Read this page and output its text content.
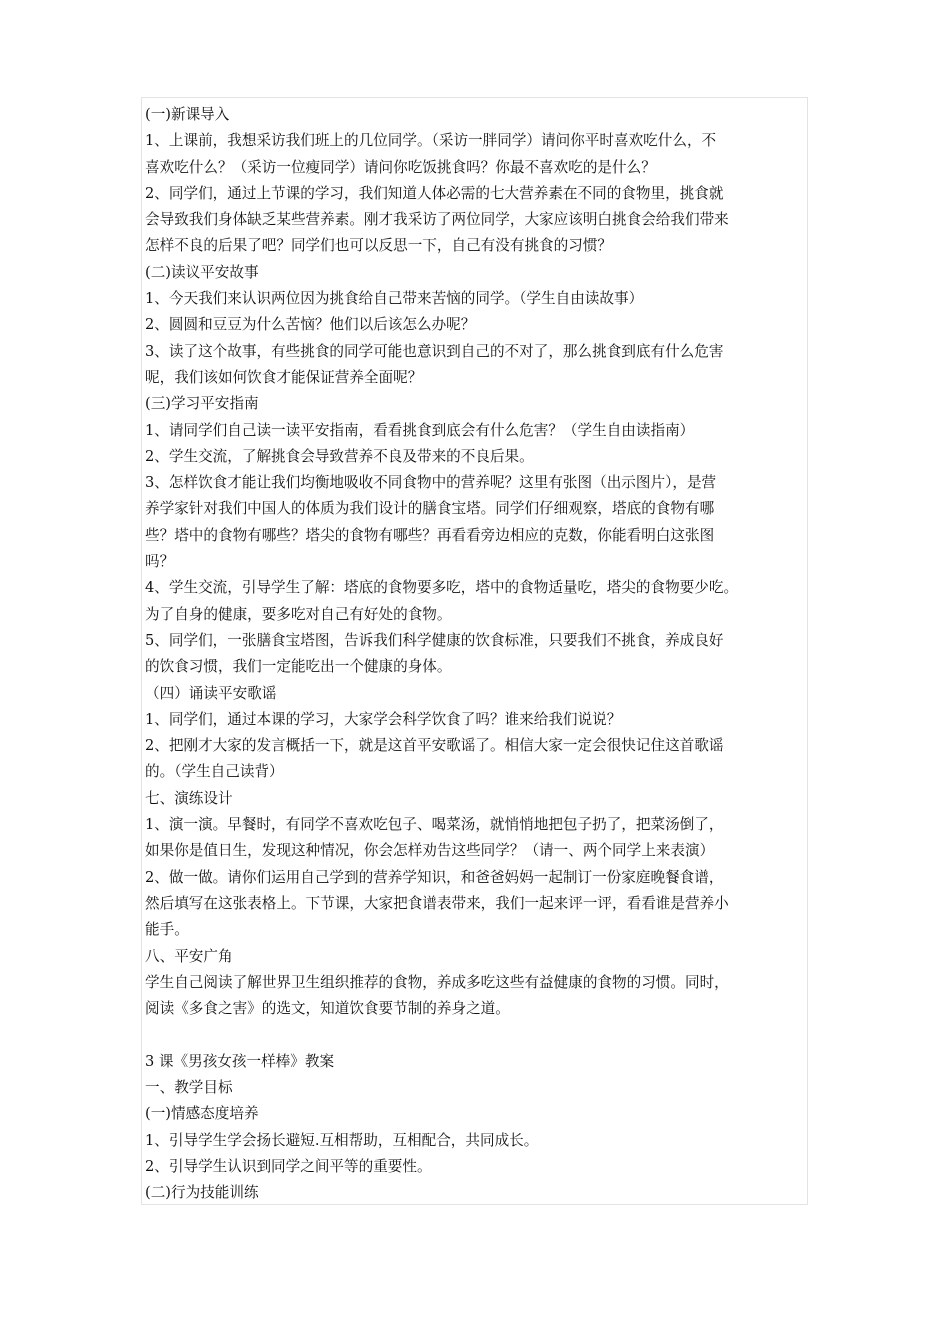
(一)新课导入
1、上课前，我想采访我们班上的几位同学。（采访一胖同学）请问你平时喜欢吃什么，不
喜欢吃什么？（采访一位瘦同学）请问你吃饭挑食吗？你最不喜欢吃的是什么？
2、同学们，通过上节课的学习，我们知道人体必需的七大营养素在不同的食物里，挑食就
会导致我们身体缺乏某些营养素。刚才我采访了两位同学，大家应该明白挑食会给我们带来
怎样不良的后果了吧？同学们也可以反思一下，自己有没有挑食的习惯？
(二)读议平安故事
1、今天我们来认识两位因为挑食给自己带来苦恼的同学。（学生自由读故事）
2、圆圆和豆豆为什么苦恼？他们以后该怎么办呢？
3、读了这个故事，有些挑食的同学可能也意识到自己的不对了，那么挑食到底有什么危害
呢，我们该如何饮食才能保证营养全面呢？
(三)学习平安指南
1、请同学们自己读一读平安指南，看看挑食到底会有什么危害？（学生自由读指南）
2、学生交流，了解挑食会导致营养不良及带来的不良后果。
3、怎样饮食才能让我们均衡地吸收不同食物中的营养呢？这里有张图（出示图片），是营
养学家针对我们中国人的体质为我们设计的膳食宝塔。同学们仔细观察，塔底的食物有哪
些？塔中的食物有哪些？塔尖的食物有哪些？再看看旁边相应的克数，你能看明白这张图
吗？
4、学生交流，引导学生了解：塔底的食物要多吃，塔中的食物适量吃，塔尖的食物要少吃。
为了自身的健康，要多吃对自己有好处的食物。
5、同学们，一张膳食宝塔图，告诉我们科学健康的饮食标准，只要我们不挑食，养成良好
的饮食习惯，我们一定能吃出一个健康的身体。
（四）诵读平安歌谣
1、同学们，通过本课的学习，大家学会科学饮食了吗？谁来给我们说说？
2、把刚才大家的发言概括一下，就是这首平安歌谣了。相信大家一定会很快记住这首歌谣
的。（学生自己读背）
七、演练设计
1、演一演。早餐时，有同学不喜欢吃包子、喝菜汤，就悄悄地把包子扔了，把菜汤倒了，
如果你是值日生，发现这种情况，你会怎样劝告这些同学？（请一、两个同学上来表演）
2、做一做。请你们运用自己学到的营养学知识，和爸爸妈妈一起制订一份家庭晚餐食谱，
然后填写在这张表格上。下节课，大家把食谱表带来，我们一起来评一评，看看谁是营养小
能手。
八、平安广角
学生自己阅读了解世界卫生组织推荐的食物，养成多吃这些有益健康的食物的习惯。同时，
阅读《多食之害》的选文，知道饮食要节制的养身之道。
3 课《男孩女孩一样棒》教案
一、教学目标
(一)情感态度培养
1、引导学生学会扬长避短.互相帮助，互相配合，共同成长。
2、引导学生认识到同学之间平等的重要性。
(二)行为技能训练
